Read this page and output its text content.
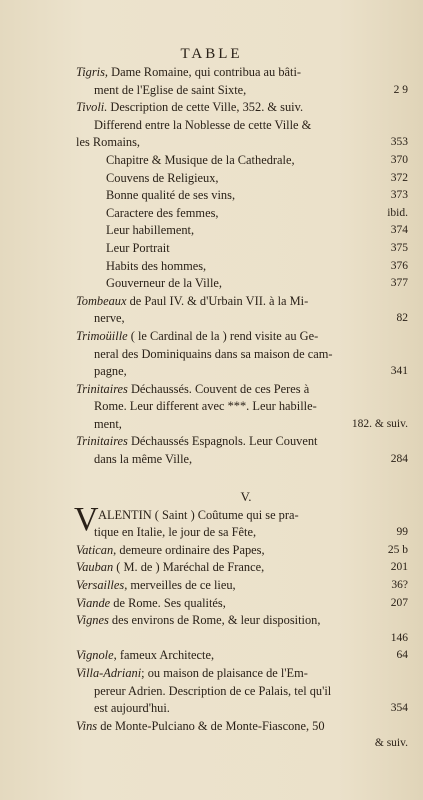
TABLE
Tigris, Dame Romaine, qui contribua au bâti-
ment de l'Eglise de saint Sixte,	2 9
Tivoli. Description de cette Ville, 352. & suiv.
Differend entre la Noblesse de cette Ville &
les Romains,	353
Chapitre & Musique de la Cathedrale,	370
Couvens de Religieux,	372
Bonne qualité de ses vins,	373
Caractere des femmes,	ibid.
Leur habillement,	374
Leur Portrait	375
Habits des hommes,	376
Gouverneur de la Ville,	377
Tombeaux de Paul IV. & d'Urbain VII. à la Mi-
nerve,	82
Trimoüille ( le Cardinal de la ) rend visite au Ge-
neral des Dominiquains dans sa maison de cam-
pagne,	341
Trinitaires Déchaussés. Couvent de ces Peres à
Rome. Leur different avec ***. Leur habille-
ment,	182. & suiv.
Trinitaires Déchaussés Espagnols. Leur Couvent
dans la même Ville,	284
V.
V ALENTIN ( Saint ) Coûtume qui se pra-
tique en Italie, le jour de sa Fête,	99
Vatican, demeure ordinaire des Papes,	25 b
Vauban ( M. de ) Maréchal de France,	201
Versailles, merveilles de ce lieu,	36?
Viande de Rome. Ses qualités,	207
Vignes des environs de Rome, & leur disposition,
146
Vignole, fameux Architecte,	64
Villa-Adriani; ou maison de plaisance de l'Em-
pereur Adrien. Description de ce Palais, tel qu'il
est aujourd'hui.	354
Vins de Monte-Pulciano & de Monte-Fiascone, 50
& suiv.
